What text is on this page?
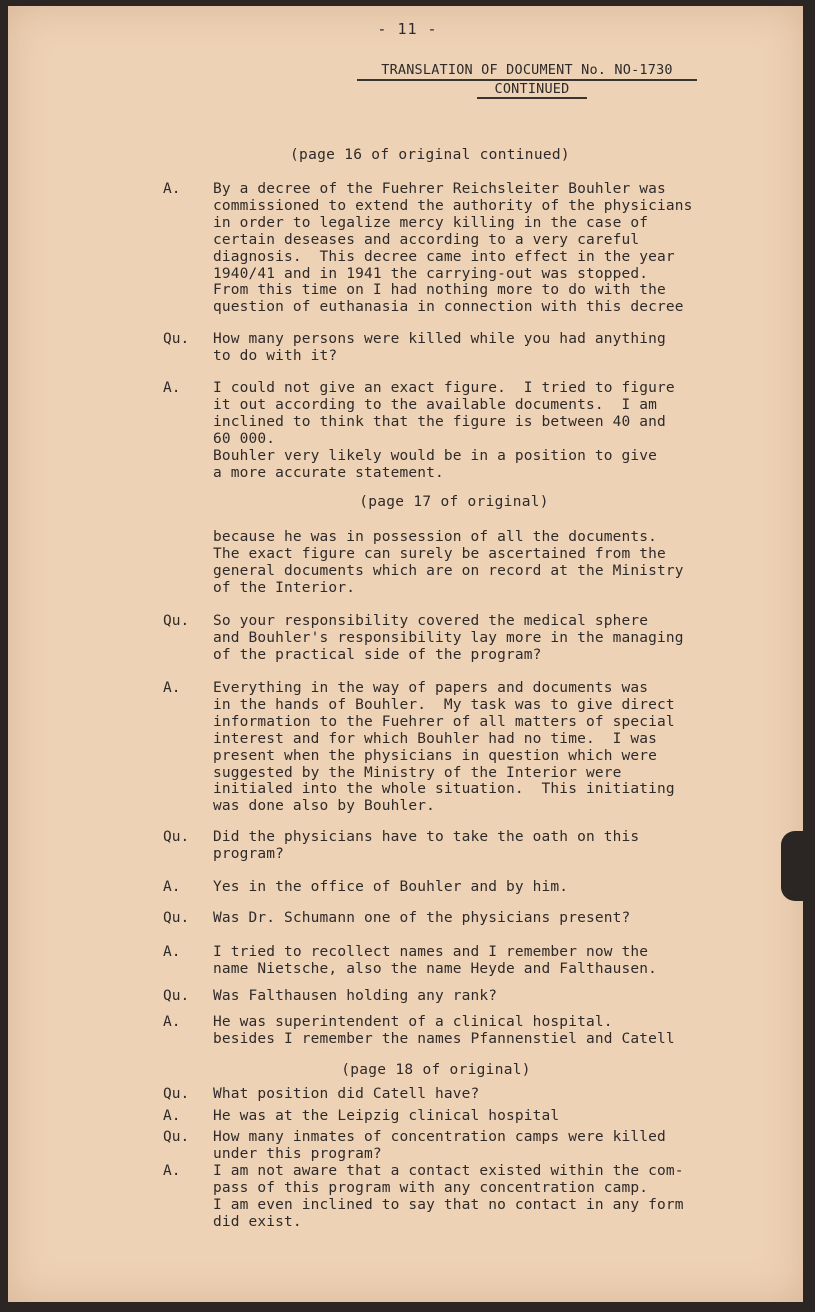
- 11 -
TRANSLATION OF DOCUMENT No. NO-1730
CONTINUED
(page 16 of original continued)
(page 17 of original)
(page 18 of original)
A. By a decree of the Fuehrer Reichsleiter Bouhler was
commissioned to extend the authority of the physicians
in order to legalize mercy killing in the case of
certain deseases and according to a very careful
diagnosis.  This decree came into effect in the year
1940/41 and in 1941 the carrying-out was stopped.
From this time on I had nothing more to do with the
question of euthanasia in connection with this decree
Qu. How many persons were killed while you had anything
to do with it?
A. I could not give an exact figure.  I tried to figure
it out according to the available documents.  I am
inclined to think that the figure is between 40 and
60 000.
Bouhler very likely would be in a position to give
a more accurate statement.
because he was in possession of all the documents.
The exact figure can surely be ascertained from the
general documents which are on record at the Ministry
of the Interior.
Qu. So your responsibility covered the medical sphere
and Bouhler's responsibility lay more in the managing
of the practical side of the program?
A. Everything in the way of papers and documents was
in the hands of Bouhler.  My task was to give direct
information to the Fuehrer of all matters of special
interest and for which Bouhler had no time.  I was
present when the physicians in question which were
suggested by the Ministry of the Interior were
initialed into the whole situation.  This initiating
was done also by Bouhler.
Qu. Did the physicians have to take the oath on this
program?
A. Yes in the office of Bouhler and by him.
Qu. Was Dr. Schumann one of the physicians present?
A. I tried to recollect names and I remember now the
name Nietsche, also the name Heyde and Falthausen.
Qu. Was Falthausen holding any rank?
A. He was superintendent of a clinical hospital.
besides I remember the names Pfannenstiel and Catell
Qu. What position did Catell have?
A. He was at the Leipzig clinical hospital
Qu. How many inmates of concentration camps were killed
under this program?
A. I am not aware that a contact existed within the com-
pass of this program with any concentration camp.
I am even inclined to say that no contact in any form
did exist.
